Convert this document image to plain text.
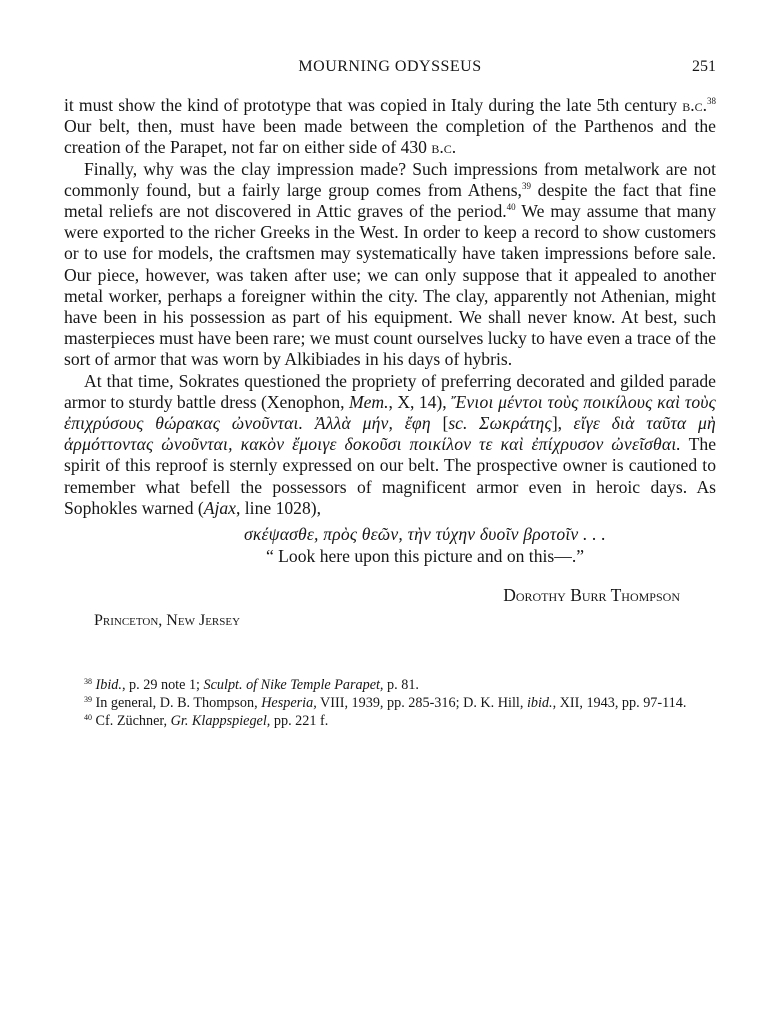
MOURNING ODYSSEUS	251

it must show the kind of prototype that was copied in Italy during the late 5th century b.c.$^{38}$ Our belt, then, must have been made between the completion of the Parthenos and the creation of the Parapet, not far on either side of 430 b.c.

Finally, why was the clay impression made? Such impressions from metalwork are not commonly found, but a fairly large group comes from Athens,$^{39}$ despite the fact that fine metal reliefs are not discovered in Attic graves of the period.$^{40}$ We may assume that many were exported to the richer Greeks in the West. In order to keep a record to show customers or to use for models, the craftsmen may systematically have taken impressions before sale. Our piece, however, was taken after use; we can only suppose that it appealed to another metal worker, perhaps a foreigner within the city. The clay, apparently not Athenian, might have been in his possession as part of his equipment. We shall never know. At best, such masterpieces must have been rare; we must count ourselves lucky to have even a trace of the sort of armor that was worn by Alkibiades in his days of hybris.

At that time, Sokrates questioned the propriety of preferring decorated and gilded parade armor to sturdy battle dress (Xenophon, Mem., X, 14), Ἔνιοι μέντοι τοὺς ποικίλους καὶ τοὺς ἐπιχρύσους θώρακας ὠνοῦνται. Ἀλλὰ μήν, ἔφη [sc. Σωκράτης], εἴγε διὰ ταῦτα μὴ ἁρμόττοντας ὠνοῦνται, κακὸν ἔμοιγε δοκοῦσι ποικίλον τε καὶ ἐπίχρυσον ὠνεῖσθαι. The spirit of this reproof is sternly expressed on our belt. The prospective owner is cautioned to remember what befell the possessors of magnificent armor even in heroic days. As Sophokles warned (Ajax, line 1028),

σκέψασθε, πρὸς θεῶν, τὴν τύχην δυοῖν βροτοῖν . . .
“ Look here upon this picture and on this—.”
Dorothy Burr Thompson
Princeton, New Jersey

$^{38}$ Ibid., p. 29 note 1; Sculpt. of Nike Temple Parapet, p. 81.

$^{39}$ In general, D. B. Thompson, Hesperia, VIII, 1939, pp. 285-316; D. K. Hill, ibid., XII, 1943, pp. 97-114.

$^{40}$ Cf. Züchner, Gr. Klappspiegel, pp. 221 f.
